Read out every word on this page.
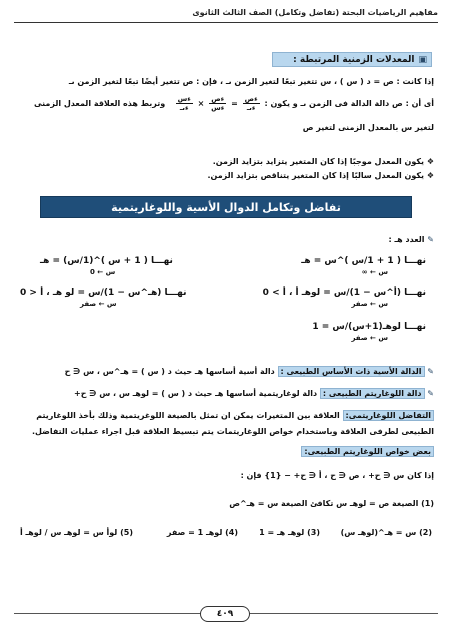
مفاهيم الرياضيات البحتة (تفاضل وتكامل) الصف الثالث الثانوى
▣
المعدلات الزمنية المرتبطة :
إذا كانت : ص = د ( س ) ، س تتغير تبعًا لتغير الزمن ىـ ، فإن : ص تتغير أيضًا تبعًا لتغير الزمن ىـ
أى أن : ص دالة الدالة فى الزمن ىـ و يكون :
$\frac{\text{ءص}}{\text{ءىـ}}$
=
$\frac{\text{ءص}}{\text{ءس}}$
×
$\frac{\text{ءس}}{\text{ءىـ}}$
وتربط هذه العلاقة المعدل الزمنى
لتغير س بالمعدل الزمنى لتغير ص
❖ يكون المعدل موجبًا إذا كان المتغير يتزايد بتزايد الزمن.
❖ يكون المعدل سالبًا إذا كان المتغير يتناقص بتزايد الزمن.
تفاضل وتكامل الدوال الأسية واللوغاريتمية
✎ العدد هـ :
نهـــا ( 1 + 1/س )^س = هـ
س ← ∞
نهـــا ( 1 + س )^(1/س) = هـ
س ← 0
نهـــا (أ^س − 1)/س = لوهـ أ ، أ > 0
س ← صفر
نهـــا (هـ^س − 1)/س = لو هـ ، أ < 0
س ← صفر
نهـــا لوهـ(1+س)/س = 1
س ← صفر
✎ الدالة الأسية ذات الأساس الطبيعى : دالة أسية أساسها هـ حيث د ( س ) = هـ^س ، س ∈ ح
✎ دالة اللوغاريتم الطبيعى : دالة لوغاريتمية أساسها هـ حيث د ( س ) = لوهـ س ، س ∈ ح+
التفاضل اللوغاريتمى: العلاقة بين المتغيرات يمكن ان تمثل بالصيغة اللوغريتمية وذلك بأخذ اللوغاريتم
الطبيعى لطرفى العلاقة وباستخدام خواص اللوغاريتمات يتم تبسيط العلاقة قبل اجراء عمليات التفاضل.
بعض خواص اللوغاريتم الطبيعى:
إذا كان س ∈ ح+ ، ص ∈ ح ، أ ∈ ح+ − {1} فإن :
(1) الصيغة ص = لوهـ س تكافئ الصيغة س = هـ^ص
(2) س = هـ^(لوهـ س)
(3) لوهـ هـ = 1
(4) لوهـ 1 = صفر
(5) لوأ س = لوهـ س / لوهـ أ
٤٠٩
